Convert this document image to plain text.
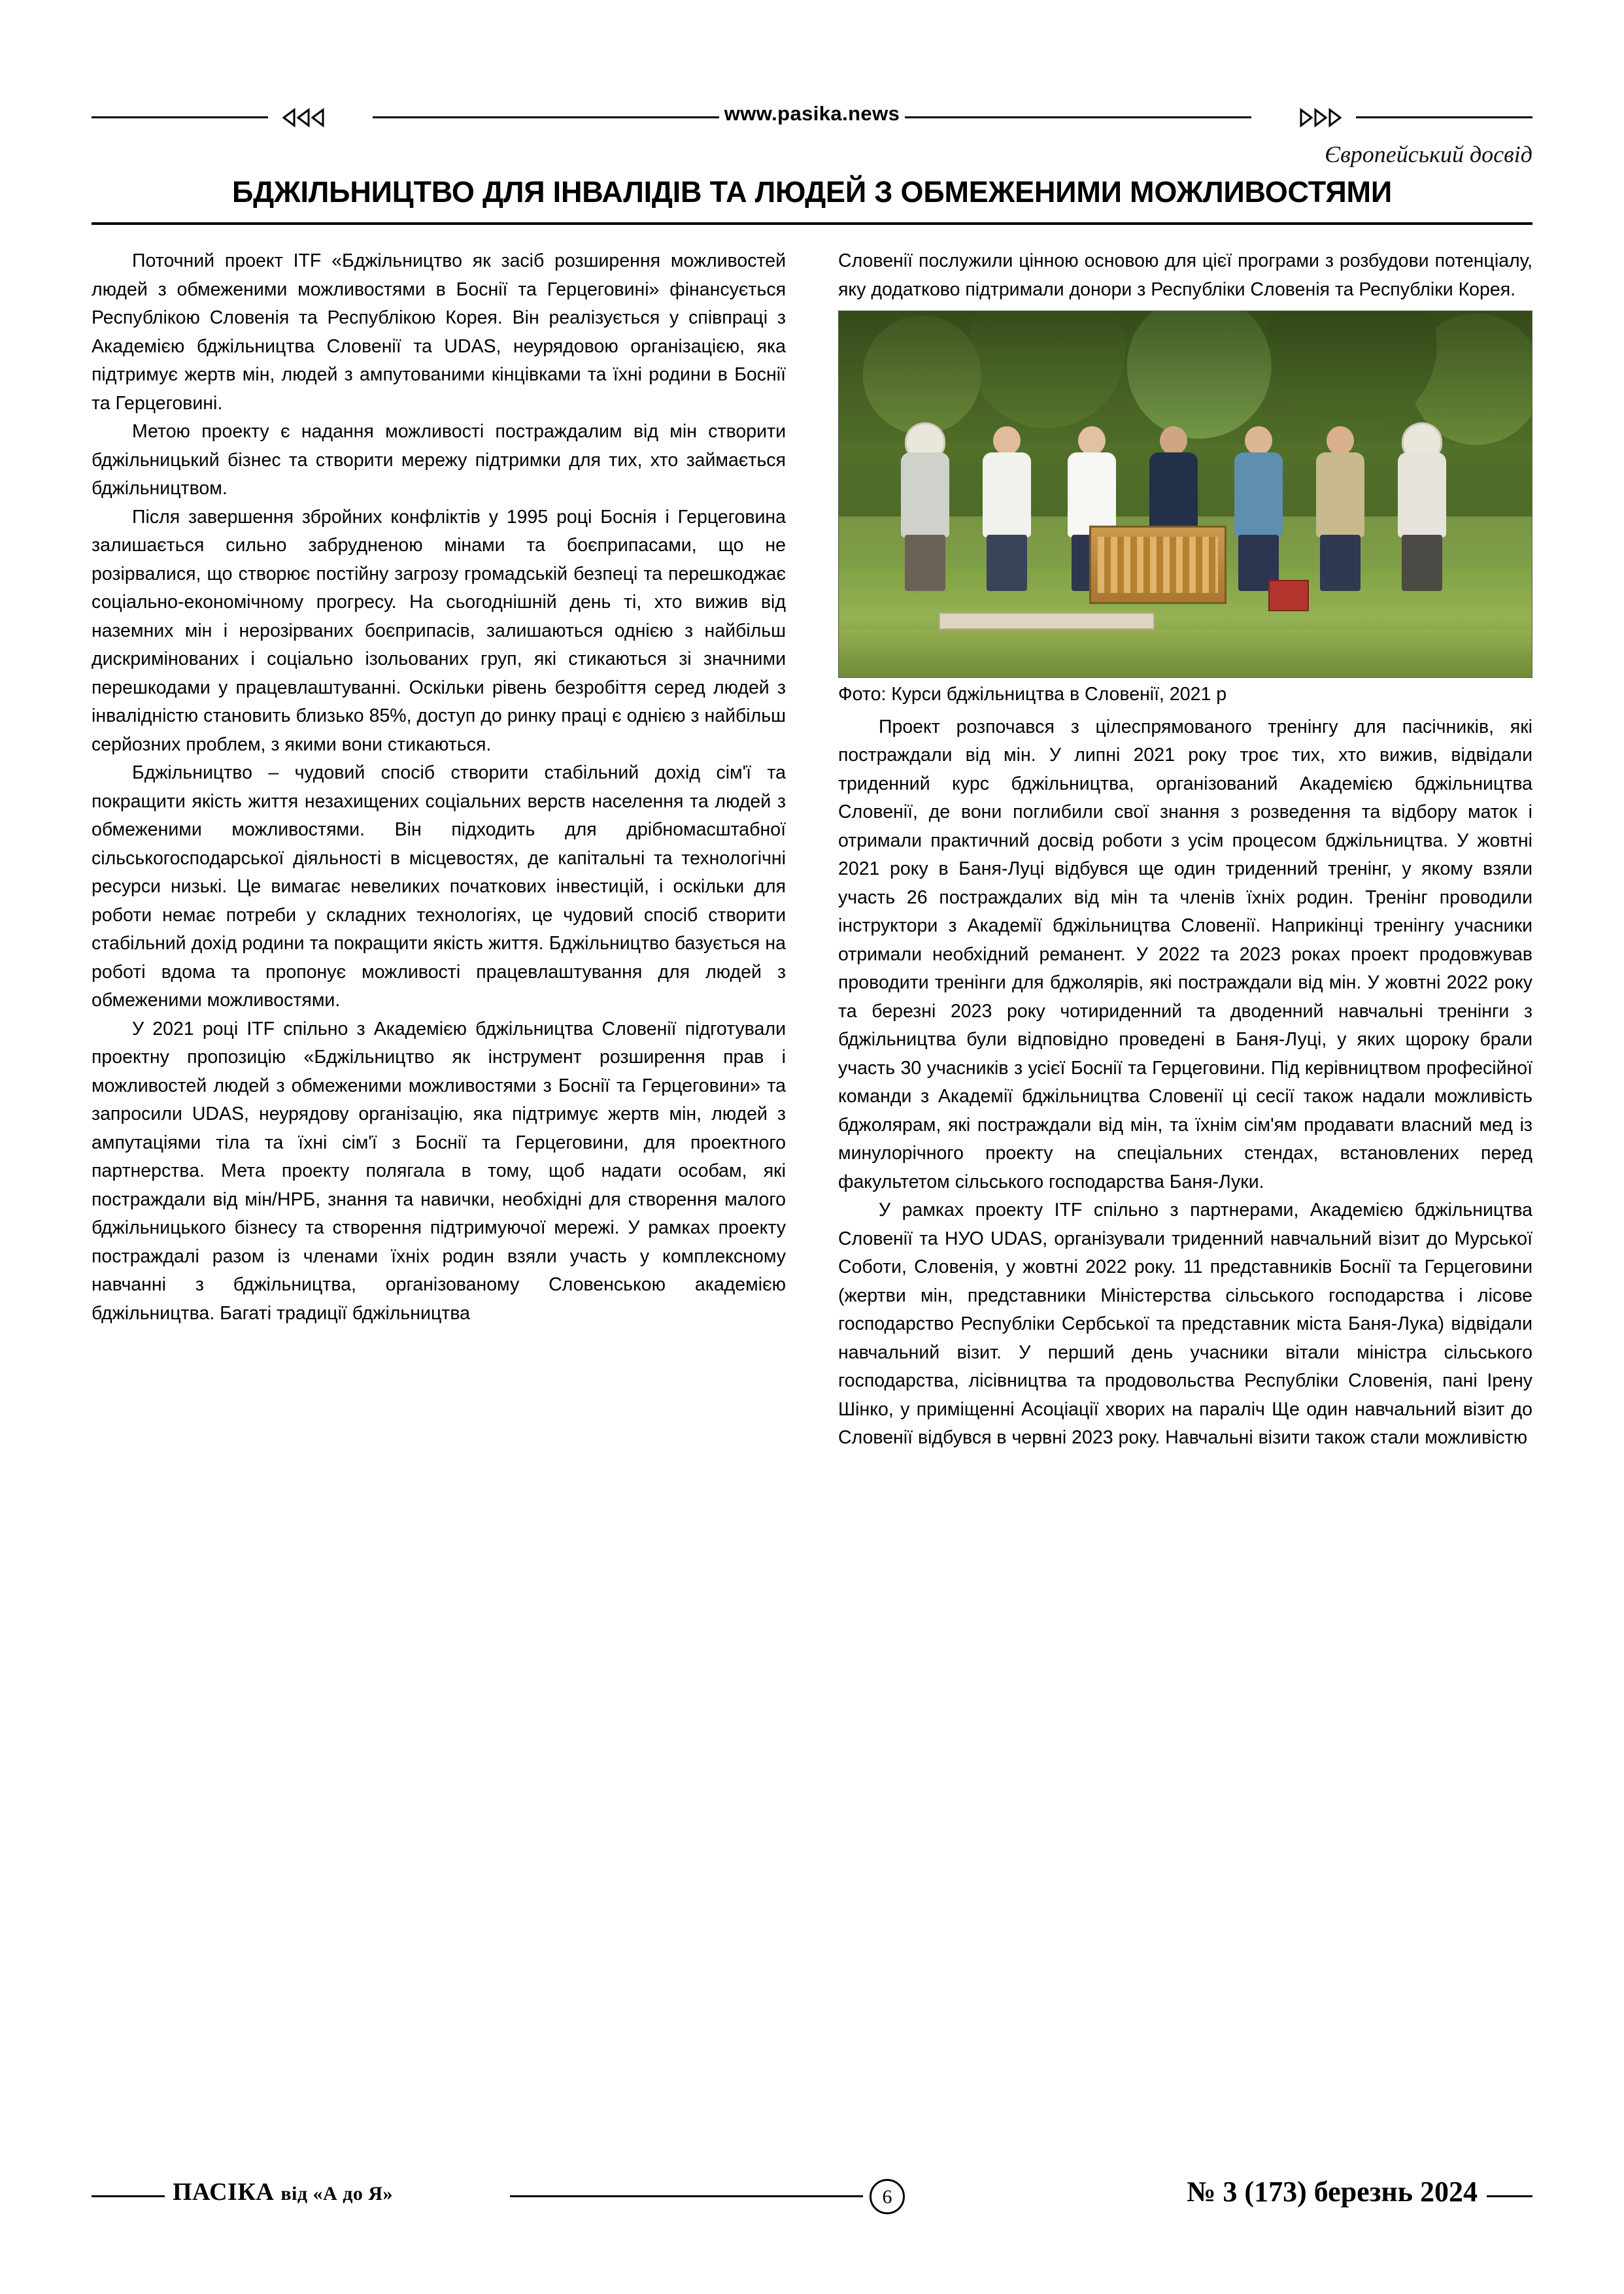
www.pasika.news
Європейський досвід
БДЖІЛЬНИЦТВО ДЛЯ ІНВАЛІДІВ ТА ЛЮДЕЙ З ОБМЕЖЕНИМИ МОЖЛИВОСТЯМИ

Поточний проект ITF «Бджільництво як засіб розширення можливостей людей з обмеженими можливостями в Боснії та Герцеговині» фінансується Республікою Словенія та Республікою Корея. Він реалізується у співпраці з Академією бджільництва Словенії та UDAS, неурядовою організацією, яка підтримує жертв мін, людей з ампутованими кінцівками та їхні родини в Боснії та Герцеговині.

Метою проекту є надання можливості постраждалим від мін створити бджільницький бізнес та створити мережу підтримки для тих, хто займається бджільництвом.

Після завершення збройних конфліктів у 1995 році Боснія і Герцеговина залишається сильно забрудненою мінами та боєприпасами, що не розірвалися, що створює постійну загрозу громадській безпеці та перешкоджає соціально-економічному прогресу. На сьогоднішній день ті, хто вижив від наземних мін і нерозірваних боєприпасів, залишаються однією з найбільш дискримінованих і соціально ізольованих груп, які стикаються зі значними перешкодами у працевлаштуванні. Оскільки рівень безробіття серед людей з інвалідністю становить близько 85%, доступ до ринку праці є однією з найбільш серйозних проблем, з якими вони стикаються.

Бджільництво – чудовий спосіб створити стабільний дохід сім'ї та покращити якість життя незахищених соціальних верств населення та людей з обмеженими можливостями. Він підходить для дрібномасштабної сільськогосподарської діяльності в місцевостях, де капітальні та технологічні ресурси низькі. Це вимагає невеликих початкових інвестицій, і оскільки для роботи немає потреби у складних технологіях, це чудовий спосіб створити стабільний дохід родини та покращити якість життя. Бджільництво базується на роботі вдома та пропонує можливості працевлаштування для людей з обмеженими можливостями.

У 2021 році ITF спільно з Академією бджільництва Словенії підготували проектну пропозицію «Бджільництво як інструмент розширення прав і можливостей людей з обмеженими можливостями з Боснії та Герцеговини» та запросили UDAS, неурядову організацію, яка підтримує жертв мін, людей з ампутаціями тіла та їхні сім'ї з Боснії та Герцеговини, для проектного партнерства. Мета проекту полягала в тому, щоб надати особам, які постраждали від мін/НРБ, знання та навички, необхідні для створення малого бджільницького бізнесу та створення підтримуючої мережі. У рамках проекту постраждалі разом із членами їхніх родин взяли участь у комплексному навчанні з бджільництва, організованому Словенською академією бджільництва. Багаті традиції бджільництва

Словенії послужили цінною основою для цієї програми з розбудови потенціалу, яку додатково підтримали донори з Республіки Словенія та Республіки Корея.

Фото: Курси бджільництва в Словенії, 2021 р

Проект розпочався з цілеспрямованого тренінгу для пасічників, які постраждали від мін. У липні 2021 року троє тих, хто вижив, відвідали триденний курс бджільництва, організований Академією бджільництва Словенії, де вони поглибили свої знання з розведення та відбору маток і отримали практичний досвід роботи з усім процесом бджільництва. У жовтні 2021 року в Баня-Луці відбувся ще один триденний тренінг, у якому взяли участь 26 постраждалих від мін та членів їхніх родин. Тренінг проводили інструктори з Академії бджільництва Словенії. Наприкінці тренінгу учасники отримали необхідний реманент. У 2022 та 2023 роках проект продовжував проводити тренінги для бджолярів, які постраждали від мін. У жовтні 2022 року та березні 2023 року чотириденний та дводенний навчальні тренінги з бджільництва були відповідно проведені в Баня-Луці, у яких щороку брали участь 30 учасників з усієї Боснії та Герцеговини. Під керівництвом професійної команди з Академії бджільництва Словенії ці сесії також надали можливість бджолярам, які постраждали від мін, та їхнім сім'ям продавати власний мед із минулорічного проекту на спеціальних стендах, встановлених перед факультетом сільського господарства Баня-Луки.

У рамках проекту ITF спільно з партнерами, Академією бджільництва Словенії та НУО UDAS, організували триденний навчальний візит до Мурської Соботи, Словенія, у жовтні 2022 року. 11 представників Боснії та Герцеговини (жертви мін, представники Міністерства сільського господарства і лісове господарство Республіки Сербської та представник міста Баня-Лука) відвідали навчальний візит. У перший день учасники вітали міністра сільського господарства, лісівництва та продовольства Республіки Словенія, пані Ірену Шінко, у приміщенні Асоціації хворих на параліч Ще один навчальний візит до Словенії відбувся в червні 2023 року. Навчальні візити також стали можливістю

ПАСІКА від «А до Я»	6	№ 3 (173) березнь 2024
